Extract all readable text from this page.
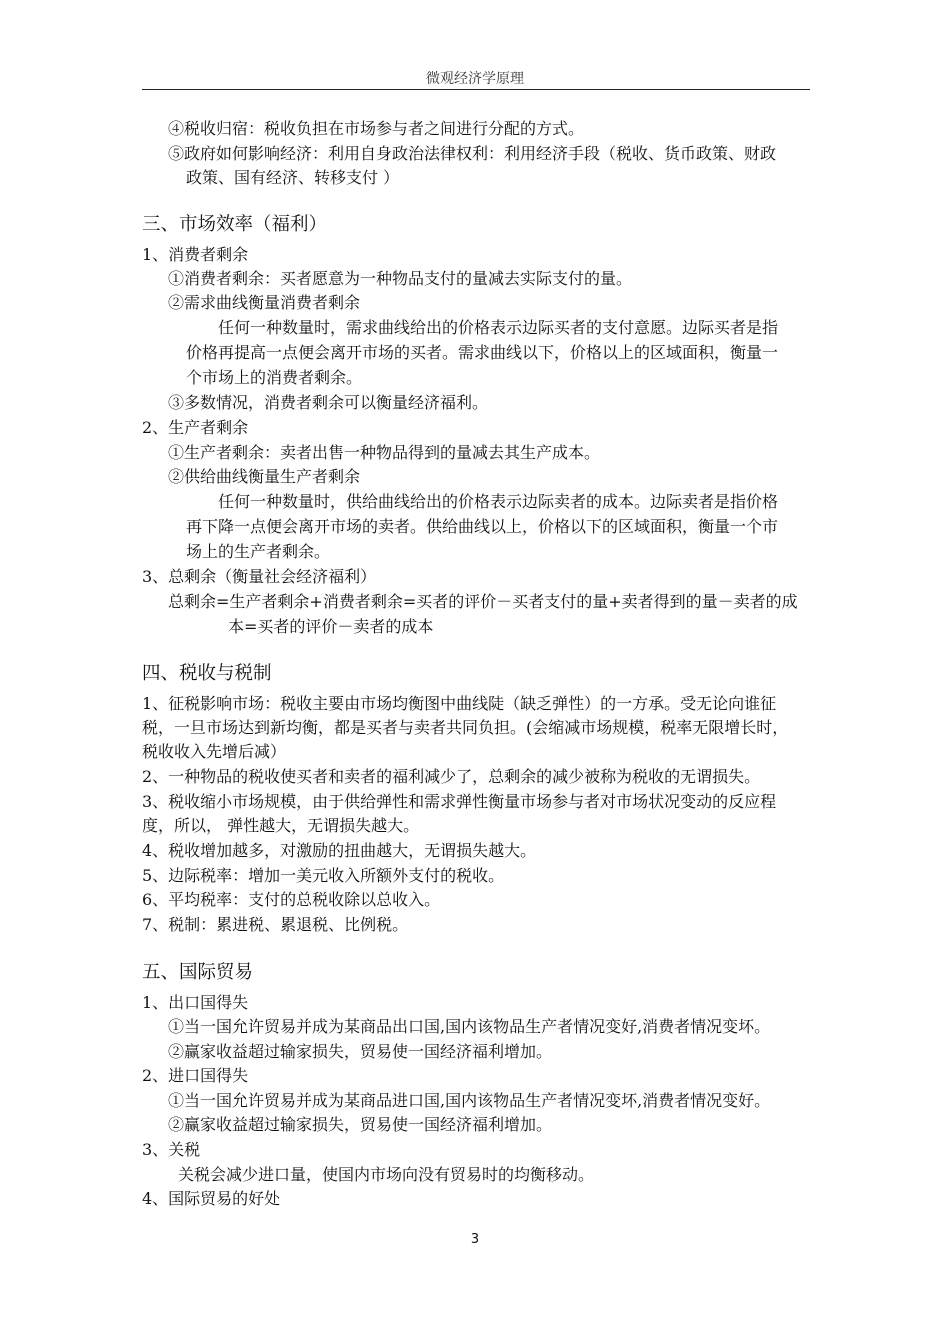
微观经济学原理
④税收归宿：税收负担在市场参与者之间进行分配的方式。
⑤政府如何影响经济：利用自身政治法律权利：利用经济手段（税收、货币政策、财政
政策、国有经济、转移支付 ）
三、市场效率（福利）
1、消费者剩余
①消费者剩余：买者愿意为一种物品支付的量减去实际支付的量。
②需求曲线衡量消费者剩余
任何一种数量时，需求曲线给出的价格表示边际买者的支付意愿。边际买者是指
价格再提高一点便会离开市场的买者。需求曲线以下，价格以上的区域面积，衡量一
个市场上的消费者剩余。
③多数情况，消费者剩余可以衡量经济福利。
2、生产者剩余
①生产者剩余：卖者出售一种物品得到的量减去其生产成本。
②供给曲线衡量生产者剩余
任何一种数量时，供给曲线给出的价格表示边际卖者的成本。边际卖者是指价格
再下降一点便会离开市场的卖者。供给曲线以上，价格以下的区域面积，衡量一个市
场上的生产者剩余。
3、总剩余（衡量社会经济福利）
总剩余=生产者剩余+消费者剩余=买者的评价－买者支付的量+卖者得到的量－卖者的成
本=买者的评价－卖者的成本
四、税收与税制
1、征税影响市场：税收主要由市场均衡图中曲线陡（缺乏弹性）的一方承。受无论向谁征
税，一旦市场达到新均衡，都是买者与卖者共同负担。(会缩减市场规模，税率无限增长时，
税收收入先增后减）
2、一种物品的税收使买者和卖者的福利减少了，总剩余的减少被称为税收的无谓损失。
3、税收缩小市场规模，由于供给弹性和需求弹性衡量市场参与者对市场状况变动的反应程
度，所以， 弹性越大，无谓损失越大。
4、税收增加越多，对激励的扭曲越大，无谓损失越大。
5、边际税率：增加一美元收入所额外支付的税收。
6、平均税率：支付的总税收除以总收入。
7、税制：累进税、累退税、比例税。
五、国际贸易
1、出口国得失
①当一国允许贸易并成为某商品出口国,国内该物品生产者情况变好,消费者情况变坏。
②赢家收益超过输家损失，贸易使一国经济福利增加。
2、进口国得失
①当一国允许贸易并成为某商品进口国,国内该物品生产者情况变坏,消费者情况变好。
②赢家收益超过输家损失，贸易使一国经济福利增加。
3、关税
关税会减少进口量，使国内市场向没有贸易时的均衡移动。
4、国际贸易的好处
3
